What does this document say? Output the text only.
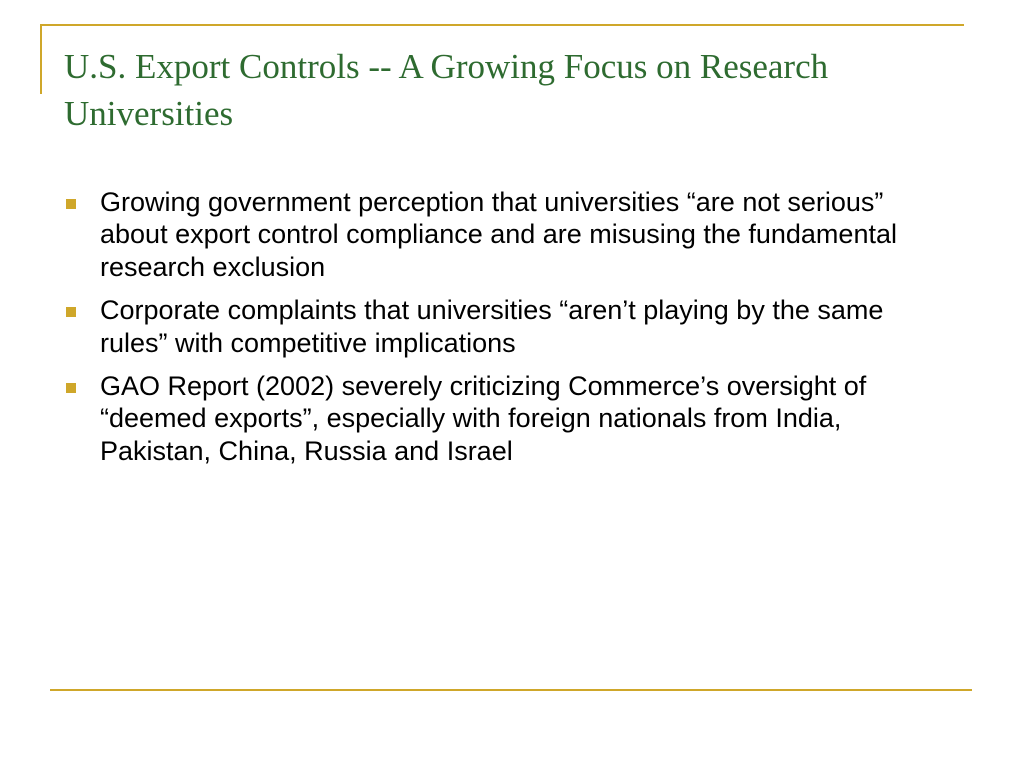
U.S. Export Controls -- A Growing Focus on Research Universities
Growing government perception that universities “are not serious” about export control compliance and are misusing the fundamental research exclusion
Corporate complaints that universities “aren’t playing by the same rules” with competitive implications
GAO Report (2002) severely criticizing Commerce’s oversight of “deemed exports”, especially with foreign nationals from India, Pakistan, China, Russia and Israel
